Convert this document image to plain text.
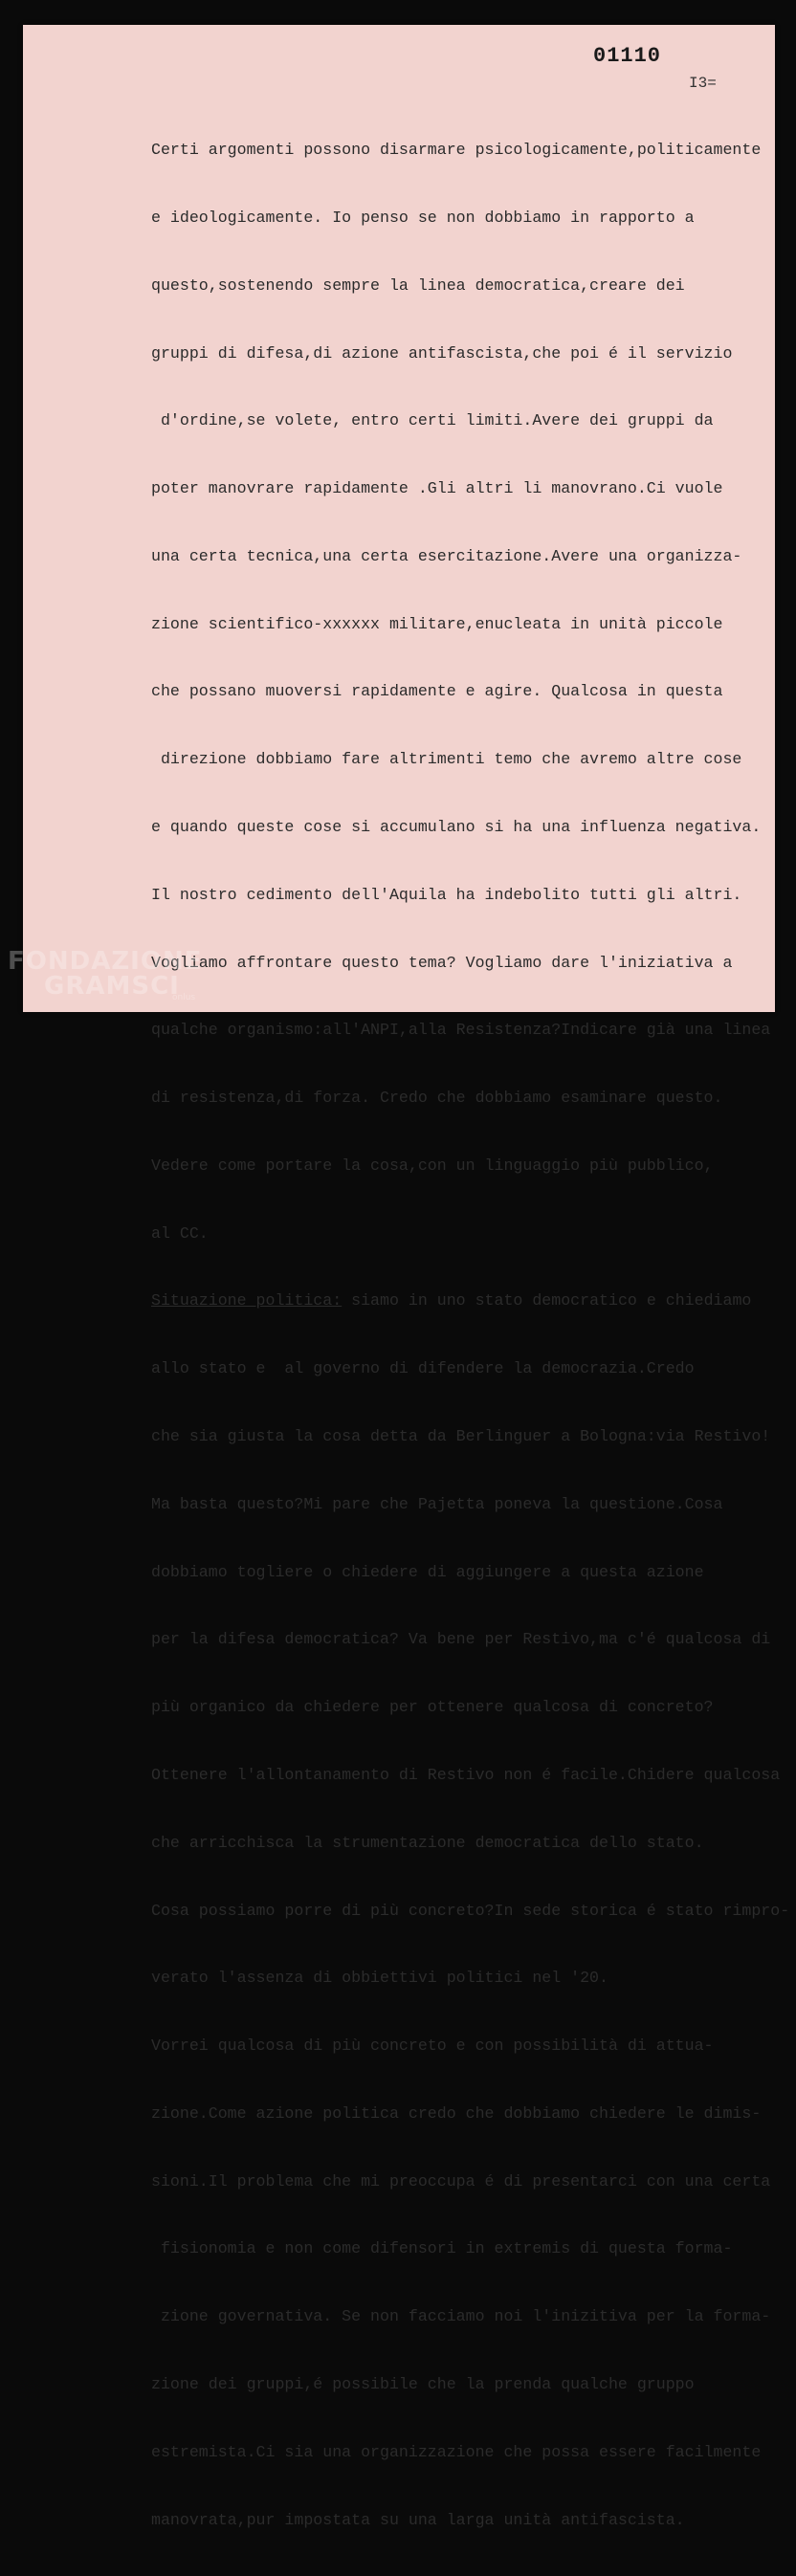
01110
I3=

Certi argomenti possono disarmare psicologicamente,politicamente

e ideologicamente. Io penso se non dobbiamo in rapporto a

questo,sostenendo sempre la linea democratica,creare dei

gruppi di difesa,di azione antifascista,che poi é il servizio

d'ordine,se volete, entro certi limiti.Avere dei gruppi da

poter manovrare rapidamente .Gli altri li manovrano.Ci vuole

una certa tecnica,una certa esercitazione.Avere una organizza-

zione scientifico-xxxxxx militare,enucleata in unità piccole

che possano muoversi rapidamente e agire. Qualcosa in questa

direzione dobbiamo fare altrimenti temo che avremo altre cose

e quando queste cose si accumulano si ha una influenza negativa.

Il nostro cedimento dell'Aquila ha indebolito tutti gli altri.

Vogliamo affrontare questo tema? Vogliamo dare l'iniziativa a

qualche organismo:all'ANPI,alla Resistenza?Indicare già una linea

di resistenza,di forza. Credo che dobbiamo esaminare questo.

Vedere come portare la cosa,con un linguaggio più pubblico,

al CC.

Situazione politica: siamo in uno stato democratico e chiediamo

allo stato e  al governo di difendere la democrazia.Credo

che sia giusta la cosa detta da Berlinguer a Bologna:via Restivo!

Ma basta questo?Mi pare che Pajetta poneva la questione.Cosa

dobbiamo togliere o chiedere di aggiungere a questa azione

per la difesa democratica? Va bene per Restivo,ma c'é qualcosa di

più organico da chiedere per ottenere qualcosa di concreto?

Ottenere l'allontanamento di Restivo non é facile.Chidere qualcosa

che arricchisca la strumentazione democratica dello stato.

Cosa possiamo porre di più concreto?In sede storica é stato rimpro-

verato l'assenza di obbiettivi politici nel '20.

Vorrei qualcosa di più concreto e con possibilità di attua-

zione.Come azione politica credo che dobbiamo chiedere le dimis-

sioni.Il problema che mi preoccupa é di presentarci con una certa

fisionomia e non come difensori in extremis di questa forma-

zione governativa. Se non facciamo noi l'inizitiva per la forma-

zione dei gruppi,é possibile che la prenda qualche gruppo

estremista.Ci sia una organizzazione che possa essere facilmente

manovrata,pur impostata su una larga unità antifascista.

FONDAZIONE
GRAMSCI
onlus
